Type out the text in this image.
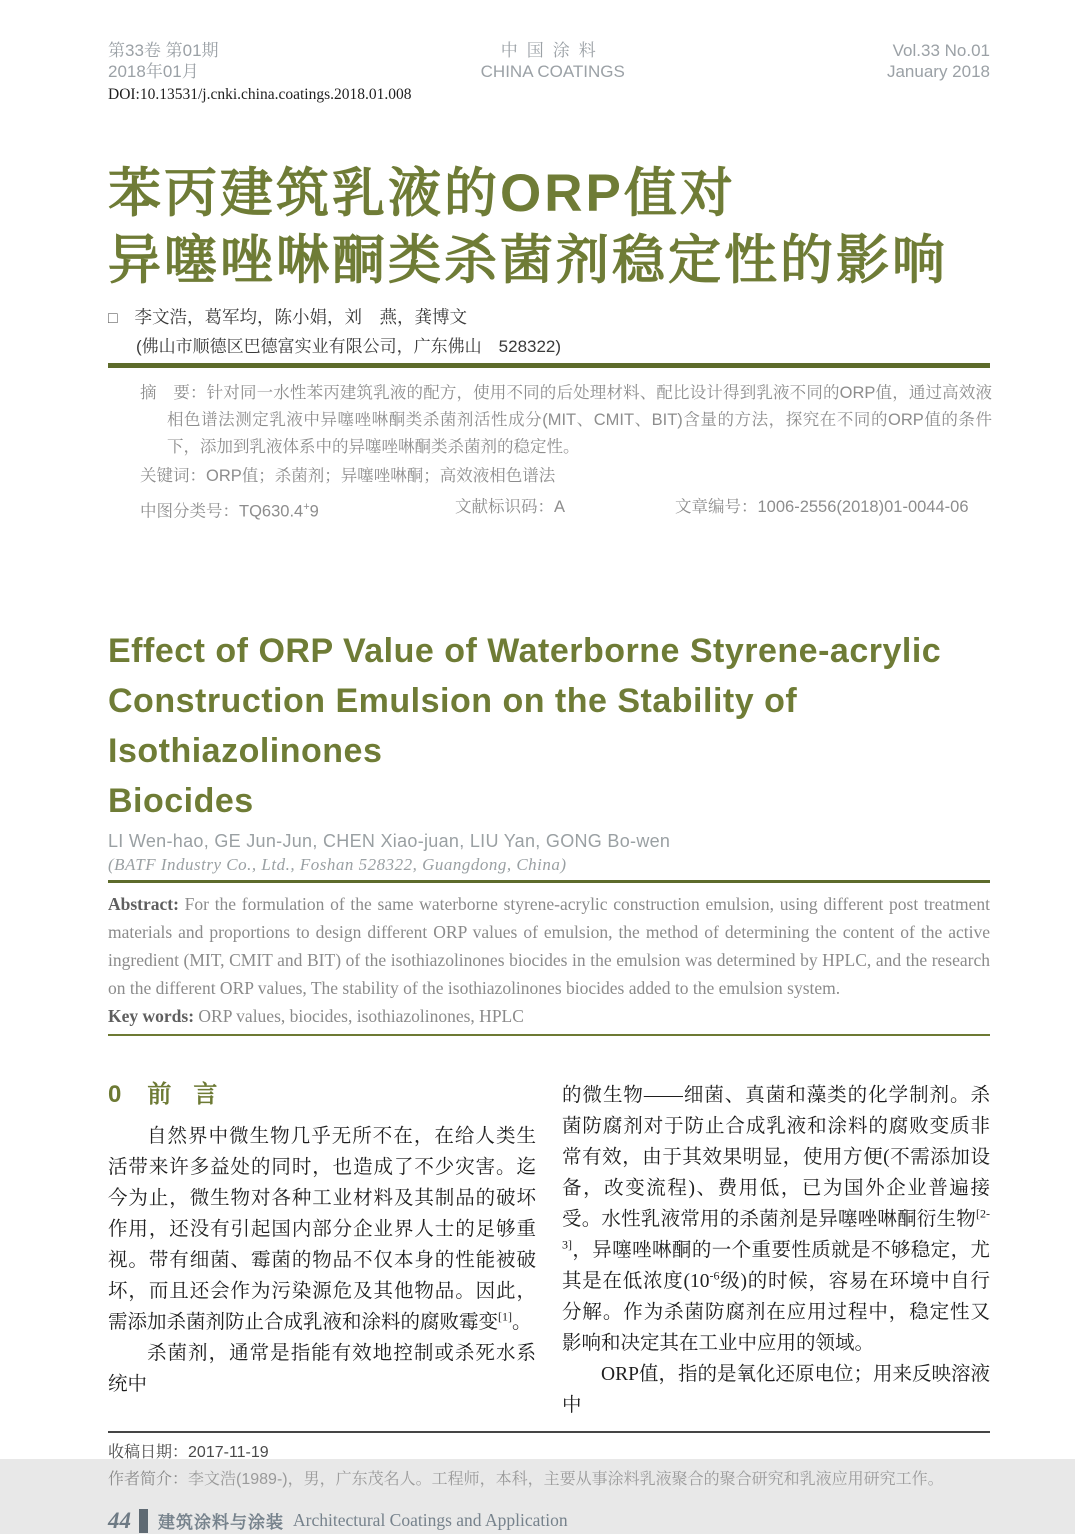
第33卷 第01期
2018年01月
中国涂料
CHINA COATINGS
Vol.33 No.01
January 2018
DOI:10.13531/j.cnki.china.coatings.2018.01.008
苯丙建筑乳液的ORP值对
异噻唑啉酮类杀菌剂稳定性的影响
□ 李文浩，葛军均，陈小娟，刘　燕，龚博文
(佛山市顺德区巴德富实业有限公司，广东佛山　528322)

摘　要：针对同一水性苯丙建筑乳液的配方，使用不同的后处理材料、配比设计得到乳液不同的ORP值，通过高效液相色谱法测定乳液中异噻唑啉酮类杀菌剂活性成分(MIT、CMIT、BIT)含量的方法，探究在不同的ORP值的条件下，添加到乳液体系中的异噻唑啉酮类杀菌剂的稳定性。

关键词：ORP值；杀菌剂；异噻唑啉酮；高效液相色谱法

中图分类号：TQ630.4+9	文献标识码：A	文章编号：1006-2556(2018)01-0044-06
Effect of ORP Value of Waterborne Styrene-acrylic
Construction Emulsion on the Stability of Isothiazolinones
Biocides
LI Wen-hao, GE Jun-Jun, CHEN Xiao-juan, LIU Yan, GONG Bo-wen
(BATF Industry Co., Ltd., Foshan 528322, Guangdong, China)

Abstract: For the formulation of the same waterborne styrene-acrylic construction emulsion, using different post treatment materials and proportions to design different ORP values of emulsion, the method of determining the content of the active ingredient (MIT, CMIT and BIT) of the isothiazolinones biocides in the emulsion was determined by HPLC, and the research on the different ORP values, The stability of the isothiazolinones biocides added to the emulsion system.

Key words: ORP values, biocides, isothiazolinones, HPLC

0 前言

自然界中微生物几乎无所不在，在给人类生活带来许多益处的同时，也造成了不少灾害。迄今为止，微生物对各种工业材料及其制品的破坏作用，还没有引起国内部分企业界人士的足够重视。带有细菌、霉菌的物品不仅本身的性能被破坏，而且还会作为污染源危及其他物品。因此，需添加杀菌剂防止合成乳液和涂料的腐败霉变[1]。

杀菌剂，通常是指能有效地控制或杀死水系统中

的微生物——细菌、真菌和藻类的化学制剂。杀菌防腐剂对于防止合成乳液和涂料的腐败变质非常有效，由于其效果明显，使用方便(不需添加设备，改变流程)、费用低，已为国外企业普遍接受。水性乳液常用的杀菌剂是异噻唑啉酮衍生物[2-3]，异噻唑啉酮的一个重要性质就是不够稳定，尤其是在低浓度(10$^{-6}$级)的时候，容易在环境中自行分解。作为杀菌防腐剂在应用过程中，稳定性又影响和决定其在工业中应用的领域。

ORP值，指的是氧化还原电位；用来反映溶液中

收稿日期：2017-11-19
作者简介：李文浩(1989-)，男，广东茂名人。工程师，本科，主要从事涂料乳液聚合的聚合研究和乳液应用研究工作。
44 建筑涂料与涂装 Architectural Coatings and Application
